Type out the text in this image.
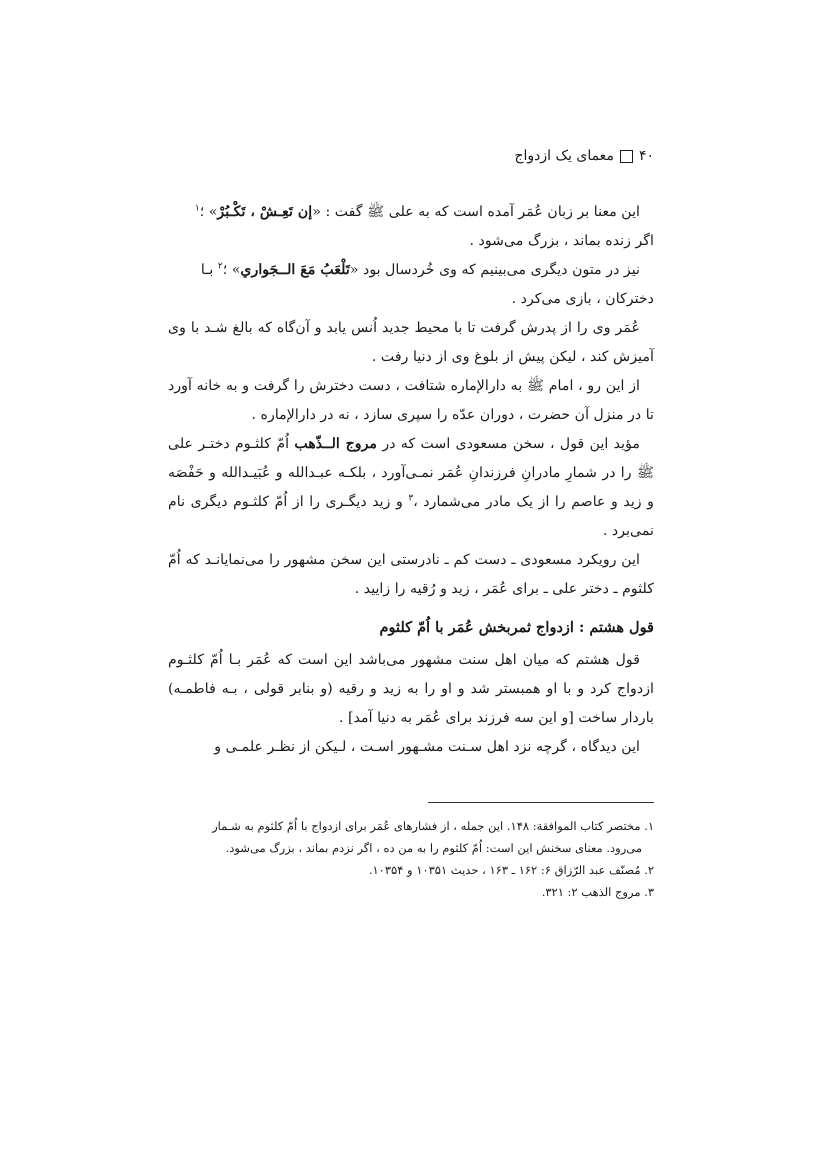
۴۰
معمای یک ازدواج

این معنا بر زبان عُمَر آمده است که به علی ﷺ گفت : «إن تَعِـشْ ، تَكْـبُرْ» ؛$^۱$

اگر زنده بماند ، بزرگ می‌شود .

نیز در متون دیگری می‌بینیم که وی خُردسال بود «تَلْعَبُ مَعَ الــجَواري» ؛$^۲$ بـا

دختركان ، بازی می‌كرد .

عُمَر وی را از پدرش گرفت تا با محیط جدید اُنس یابد و آن‌گاه که بالغ شـد با وی آمیزش کند ، لیکن پیش از بلوغ وی از دنیا رفت .

از این رو ، امام ﷺ به دارالإماره شتافت ، دست دخترش را گرفت و به خانه آورد تا در منزل آن حضرت ، دوران عدّه را سپری سازد ، نه در دارالإماره .

مؤید این قول ، سخن مسعودی است که در مروج الــذّهب اُمّ کلثـوم دختـر علی ﷺ را در شمارِ مادرانِ فرزندانِ عُمَر نمـی‌آورد ، بلکـه عبـدالله و عُبَیـدالله و حَفْصَه و زید و عاصم را از یک مادر می‌شمارد ،$^۳$ و زید دیگـری را از اُمّ کلثـوم دیگری نام نمی‌برد .

این رویکرد مسعودی ـ دست کم ـ نادرستی این سخن مشهور را می‌نمایانـد که اُمّ کلثوم ـ دختر علی ـ برای عُمَر ، زید و رُقیه را زایید .

قول هشتم : ازدواج ثمربخش عُمَر با اُمّ کلثوم

قول هشتم که میان اهل سنت مشهور می‌باشد این است که عُمَر بـا اُمّ کلثـوم ازدواج کرد و با او همبستر شد و او را به زید و رقیه (و بنابر قولی ، بـه فاطمـه) باردار ساخت [و این سه فرزند برای عُمَر به دنیا آمد] .

این دیدگاه ، گرچه نزد اهل سـنت مشـهور اسـت ، لـیکن از نظـر علمـی و

۱. مختصر کتاب الموافقة: ۱۴۸. این جمله ، از فشارهای عُمَر برای ازدواج با اُمّ کلثوم به شـمار

می‌رود. معنای سخنش این است: اُمّ کلثوم را به من ده ، اگر نزدم بماند ، بزرگ می‌شود.

۲. مُصنّف عبد الرّزاق ۶: ۱۶۲ ـ ۱۶۳ ، حدیث ۱۰۳۵۱ و ۱۰۳۵۴.

۳. مروج الذهب ۲: ۳۲۱.
